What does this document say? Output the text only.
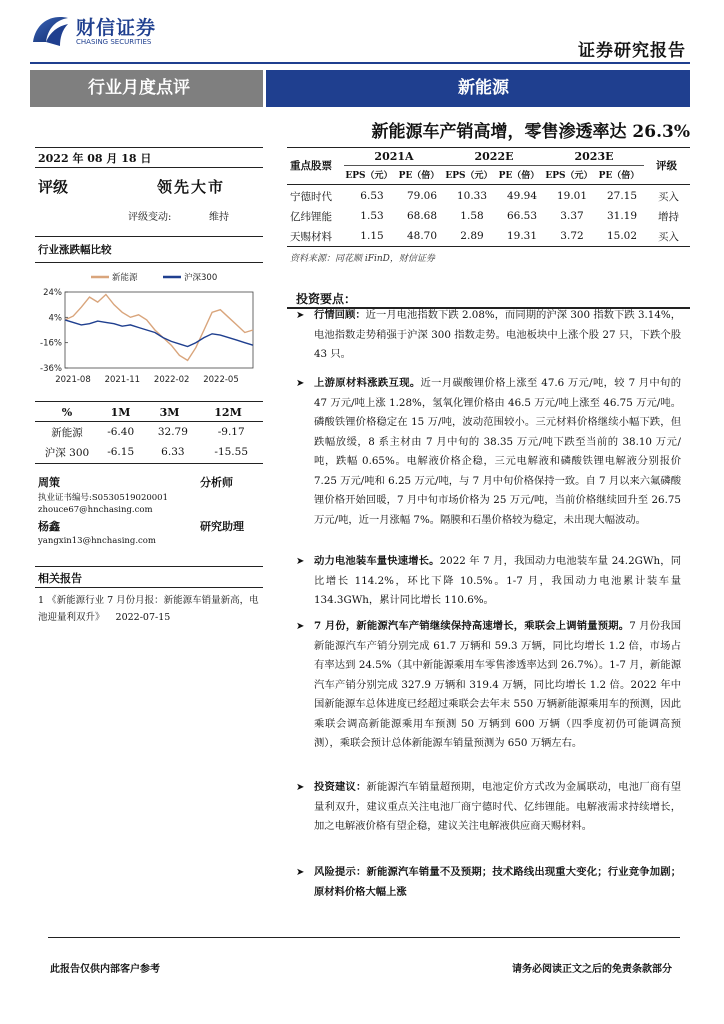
财信证券
CHASING SECURITIES	证券研究报告
行业月度点评	新能源
新能源车产销高增，零售渗透率达 26.3%
2022 年 08 月 18 日
评级	领先大市
评级变动:	维持
行业涨跌幅比较
新能源	沪深300
24%
4%
-16%
-36%
2021-08 2021-11 2022-02 2022-05
%	1M	3M	12M
新能源	-6.40	32.79	-9.17
沪深 300	-6.15	6.33	-15.55
周策	分析师
执业证书编号:S0530519020001
zhouce67@hnchasing.com
杨鑫	研究助理
yangxin13@hnchasing.com
相关报告
1 《新能源行业 7 月份月报：新能源车销量新高，电池迎量利双升》 2022-07-15
重点股票	评级
2021A	2022E	2023E
EPS（元）	PE（倍）	EPS（元）	PE（倍）	EPS（元）	PE（倍）
宁德时代	6.53	79.06	10.33	49.94	19.01	27.15	买入
亿纬锂能	1.53	68.68	1.58	66.53	3.37	31.19	增持
天赐材料	1.15	48.70	2.89	19.31	3.72	15.02	买入
资料来源：同花顺 iFinD，财信证券
投资要点：
➤ 行情回顾：近一月电池指数下跌 2.08%，而同期的沪深 300 指数下跌 3.14%，电池指数走势稍强于沪深 300 指数走势。电池板块中上涨个股 27 只，下跌个股 43 只。
➤ 上游原材料涨跌互现。近一月碳酸锂价格上涨至 47.6 万元/吨，较 7 月中旬的 47 万元/吨上涨 1.28%，氢氧化锂价格由 46.5 万元/吨上涨至 46.75 万元/吨。磷酸铁锂价格稳定在 15 万/吨，波动范围较小。三元材料价格继续小幅下跌，但跌幅放缓，8 系主材由 7 月中旬的 38.35 万元/吨下跌至当前的 38.10 万元/吨，跌幅 0.65%。电解液价格企稳，三元电解液和磷酸铁锂电解液分别报价 7.25 万元/吨和 6.25 万元/吨，与 7 月中旬价格保持一致。自 7 月以来六氟磷酸锂价格开始回暖，7 月中旬市场价格为 25 万元/吨，当前价格继续回升至 26.75 万元/吨，近一月涨幅 7%。隔膜和石墨价格较为稳定，未出现大幅波动。
➤ 动力电池装车量快速增长。2022 年 7 月，我国动力电池装车量 24.2GWh，同比增长 114.2%，环比下降 10.5%。1-7 月，我国动力电池累计装车量 134.3GWh，累计同比增长 110.6%。
➤ 7 月份，新能源汽车产销继续保持高速增长，乘联会上调销量预期。7 月份我国新能源汽车产销分别完成 61.7 万辆和 59.3 万辆，同比均增长 1.2 倍，市场占有率达到 24.5%（其中新能源乘用车零售渗透率达到 26.7%）。1-7 月，新能源汽车产销分别完成 327.9 万辆和 319.4 万辆，同比均增长 1.2 倍。2022 年中国新能源车总体进度已经超过乘联会去年末 550 万辆新能源乘用车的预测，因此乘联会调高新能源乘用车预测 50 万辆到 600 万辆（四季度初仍可能调高预测），乘联会预计总体新能源车销量预测为 650 万辆左右。
➤ 投资建议：新能源汽车销量超预期，电池定价方式改为金属联动，电池厂商有望量利双升，建议重点关注电池厂商宁德时代、亿纬锂能。电解液需求持续增长，加之电解液价格有望企稳，建议关注电解液供应商天赐材料。
➤ 风险提示：新能源汽车销量不及预期；技术路线出现重大变化；行业竞争加剧；原材料价格大幅上涨
此报告仅供内部客户参考	请务必阅读正文之后的免责条款部分
